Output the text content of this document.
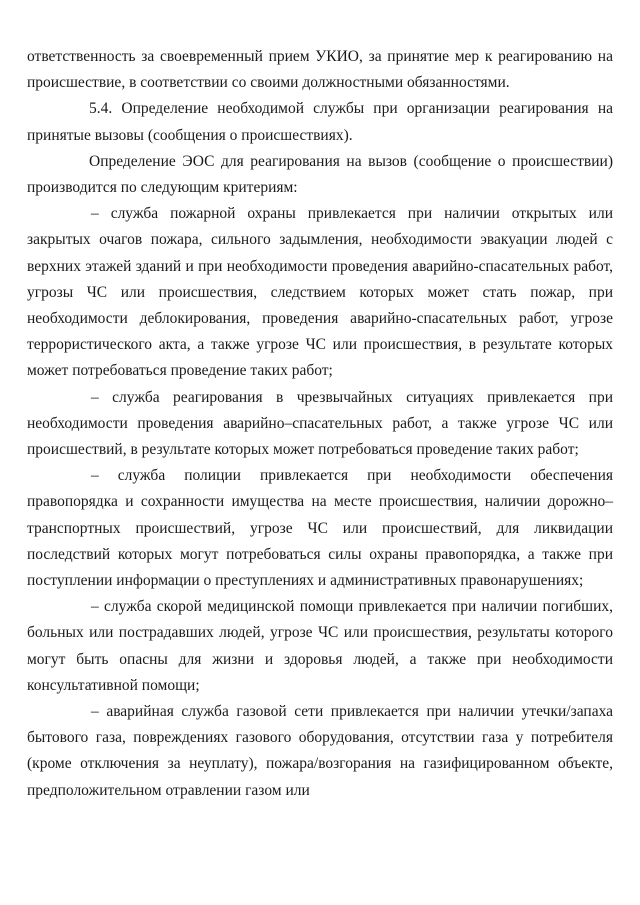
ответственность за своевременный прием УКИО, за принятие мер к реагированию на происшествие, в соответствии со своими должностными обязанностями.

5.4. Определение необходимой службы при организации реагирования на принятые вызовы (сообщения о происшествиях).

Определение ЭОС для реагирования на вызов (сообщение о происшествии) производится по следующим критериям:

– служба пожарной охраны привлекается при наличии открытых или закрытых очагов пожара, сильного задымления, необходимости эвакуации людей с верхних этажей зданий и при необходимости проведения аварийно-спасательных работ, угрозы ЧС или происшествия, следствием которых может стать пожар, при необходимости деблокирования, проведения аварийно-спасательных работ, угрозе террористического акта, а также угрозе ЧС или происшествия, в результате которых может потребоваться проведение таких работ;

– служба реагирования в чрезвычайных ситуациях привлекается при необходимости проведения аварийно–спасательных работ, а также угрозе ЧС или происшествий, в результате которых может потребоваться проведение таких работ;

– служба полиции привлекается при необходимости обеспечения правопорядка и сохранности имущества на месте происшествия, наличии дорожно–транспортных происшествий, угрозе ЧС или происшествий, для ликвидации последствий которых могут потребоваться силы охраны правопорядка, а также при поступлении информации о преступлениях и административных правонарушениях;

– служба скорой медицинской помощи привлекается при наличии погибших, больных или пострадавших людей, угрозе ЧС или происшествия, результаты которого могут быть опасны для жизни и здоровья людей, а также при необходимости консультативной помощи;

– аварийная служба газовой сети привлекается при наличии утечки/запаха бытового газа, повреждениях газового оборудования, отсутствии газа у потребителя (кроме отключения за неуплату), пожара/возгорания на газифицированном объекте, предположительном отравлении газом или
